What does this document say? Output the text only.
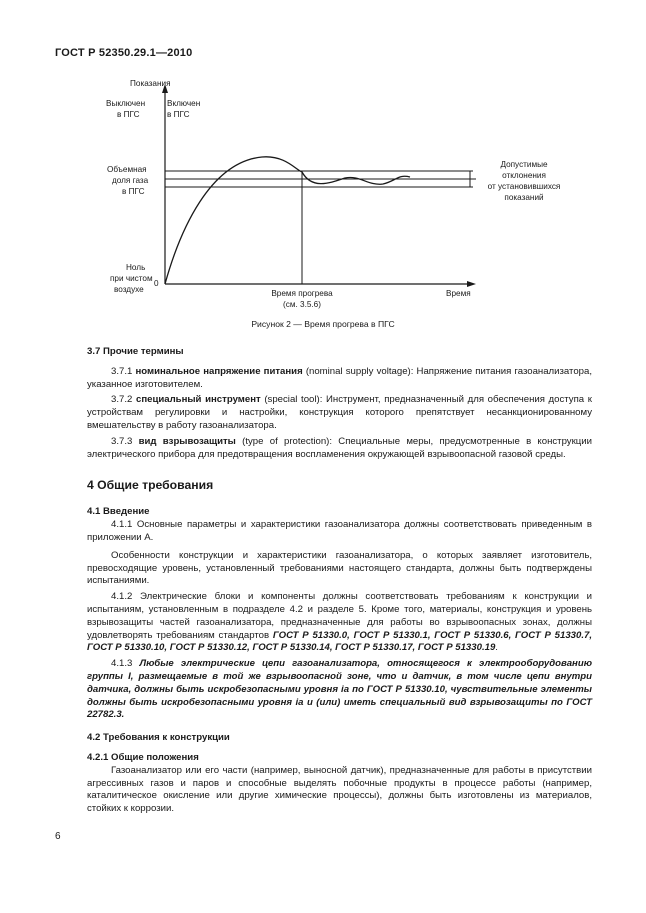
ГОСТ Р 52350.29.1—2010
Показания
Выключен
в ПГС
Включен
в ПГС
Объемная
доля газа
в ПГС
Ноль
при чистом
воздухе
0
Время прогрева
(см. 3.5.6)
Время
Допустимые
отклонения
от установившихся
показаний
Рисунок 2 — Время прогрева в ПГС
3.7 Прочие термины

3.7.1 номинальное напряжение питания (nominal supply voltage): Напряжение питания газоанализатора, указанное изготовителем.

3.7.2 специальный инструмент (special tool): Инструмент, предназначенный для обеспечения доступа к устройствам регулировки и настройки, конструкция которого препятствует несанкционированному вмешательству в работу газоанализатора.

3.7.3 вид взрывозащиты (type of protection): Специальные меры, предусмотренные в конструкции электрического прибора для предотвращения воспламенения окружающей взрывоопасной газовой среды.

4 Общие требования
4.1 Введение

4.1.1 Основные параметры и характеристики газоанализатора должны соответствовать приведенным в приложении А.

Особенности конструкции и характеристики газоанализатора, о которых заявляет изготовитель, превосходящие уровень, установленный требованиями настоящего стандарта, должны быть подтверждены испытаниями.

4.1.2 Электрические блоки и компоненты должны соответствовать требованиям к конструкции и испытаниям, установленным в подразделе 4.2 и разделе 5. Кроме того, материалы, конструкция и уровень взрывозащиты частей газоанализатора, предназначенные для работы во взрывоопасных зонах, должны удовлетворять требованиям стандартов ГОСТ Р 51330.0, ГОСТ Р 51330.1, ГОСТ Р 51330.6, ГОСТ Р 51330.7, ГОСТ Р 51330.10, ГОСТ Р 51330.12, ГОСТ Р 51330.14, ГОСТ Р 51330.17, ГОСТ Р 51330.19.

4.1.3 Любые электрические цепи газоанализатора, относящегося к электрооборудованию группы I, размещаемые в той же взрывоопасной зоне, что и датчик, в том числе цепи внутри датчика, должны быть искробезопасными уровня ia по ГОСТ Р 51330.10, чувствительные элементы должны быть искробезопасными уровня ia и (или) иметь специальный вид взрывозащиты по ГОСТ 22782.3.

4.2 Требования к конструкции
4.2.1 Общие положения

Газоанализатор или его части (например, выносной датчик), предназначенные для работы в присутствии агрессивных газов и паров и способные выделять побочные продукты в процессе работы (например, каталитическое окисление или другие химические процессы), должны быть изготовлены из материалов, стойких к коррозии.

6
